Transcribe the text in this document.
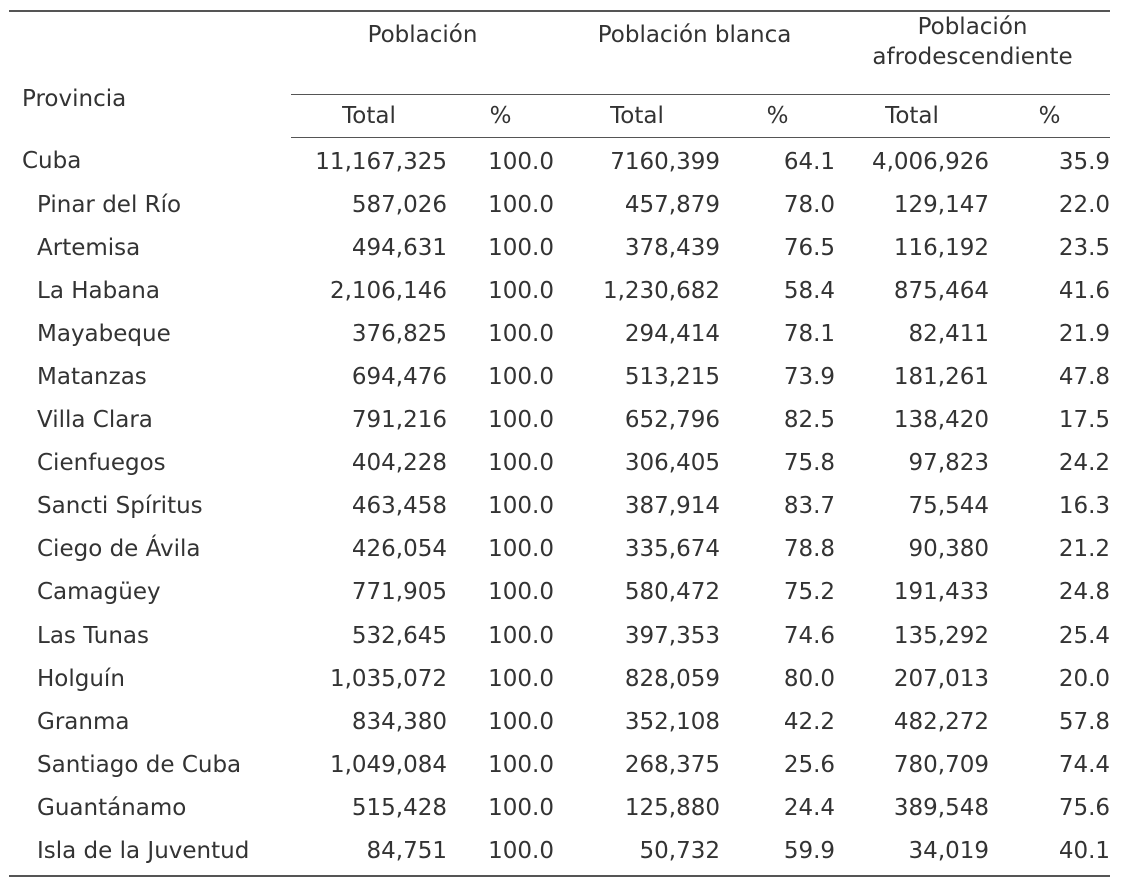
Provincia	Población		Población blanca		Población
afrodescendiente	

	Total	%	Total	%	Total	%
Cuba	11,167,325	100.0	7160,399	64.1	4,006,926	35.9
Pinar del Río	587,026	100.0	457,879	78.0	129,147	22.0
Artemisa	494,631	100.0	378,439	76.5	116,192	23.5
La Habana	2,106,146	100.0	1,230,682	58.4	875,464	41.6
Mayabeque	376,825	100.0	294,414	78.1	82,411	21.9
Matanzas	694,476	100.0	513,215	73.9	181,261	47.8
Villa Clara	791,216	100.0	652,796	82.5	138,420	17.5
Cienfuegos	404,228	100.0	306,405	75.8	97,823	24.2
Sancti Spíritus	463,458	100.0	387,914	83.7	75,544	16.3
Ciego de Ávila	426,054	100.0	335,674	78.8	90,380	21.2
Camagüey	771,905	100.0	580,472	75.2	191,433	24.8
Las Tunas	532,645	100.0	397,353	74.6	135,292	25.4
Holguín	1,035,072	100.0	828,059	80.0	207,013	20.0
Granma	834,380	100.0	352,108	42.2	482,272	57.8
Santiago de Cuba	1,049,084	100.0	268,375	25.6	780,709	74.4
Guantánamo	515,428	100.0	125,880	24.4	389,548	75.6
Isla de la Juventud	84,751	100.0	50,732	59.9	34,019	40.1
